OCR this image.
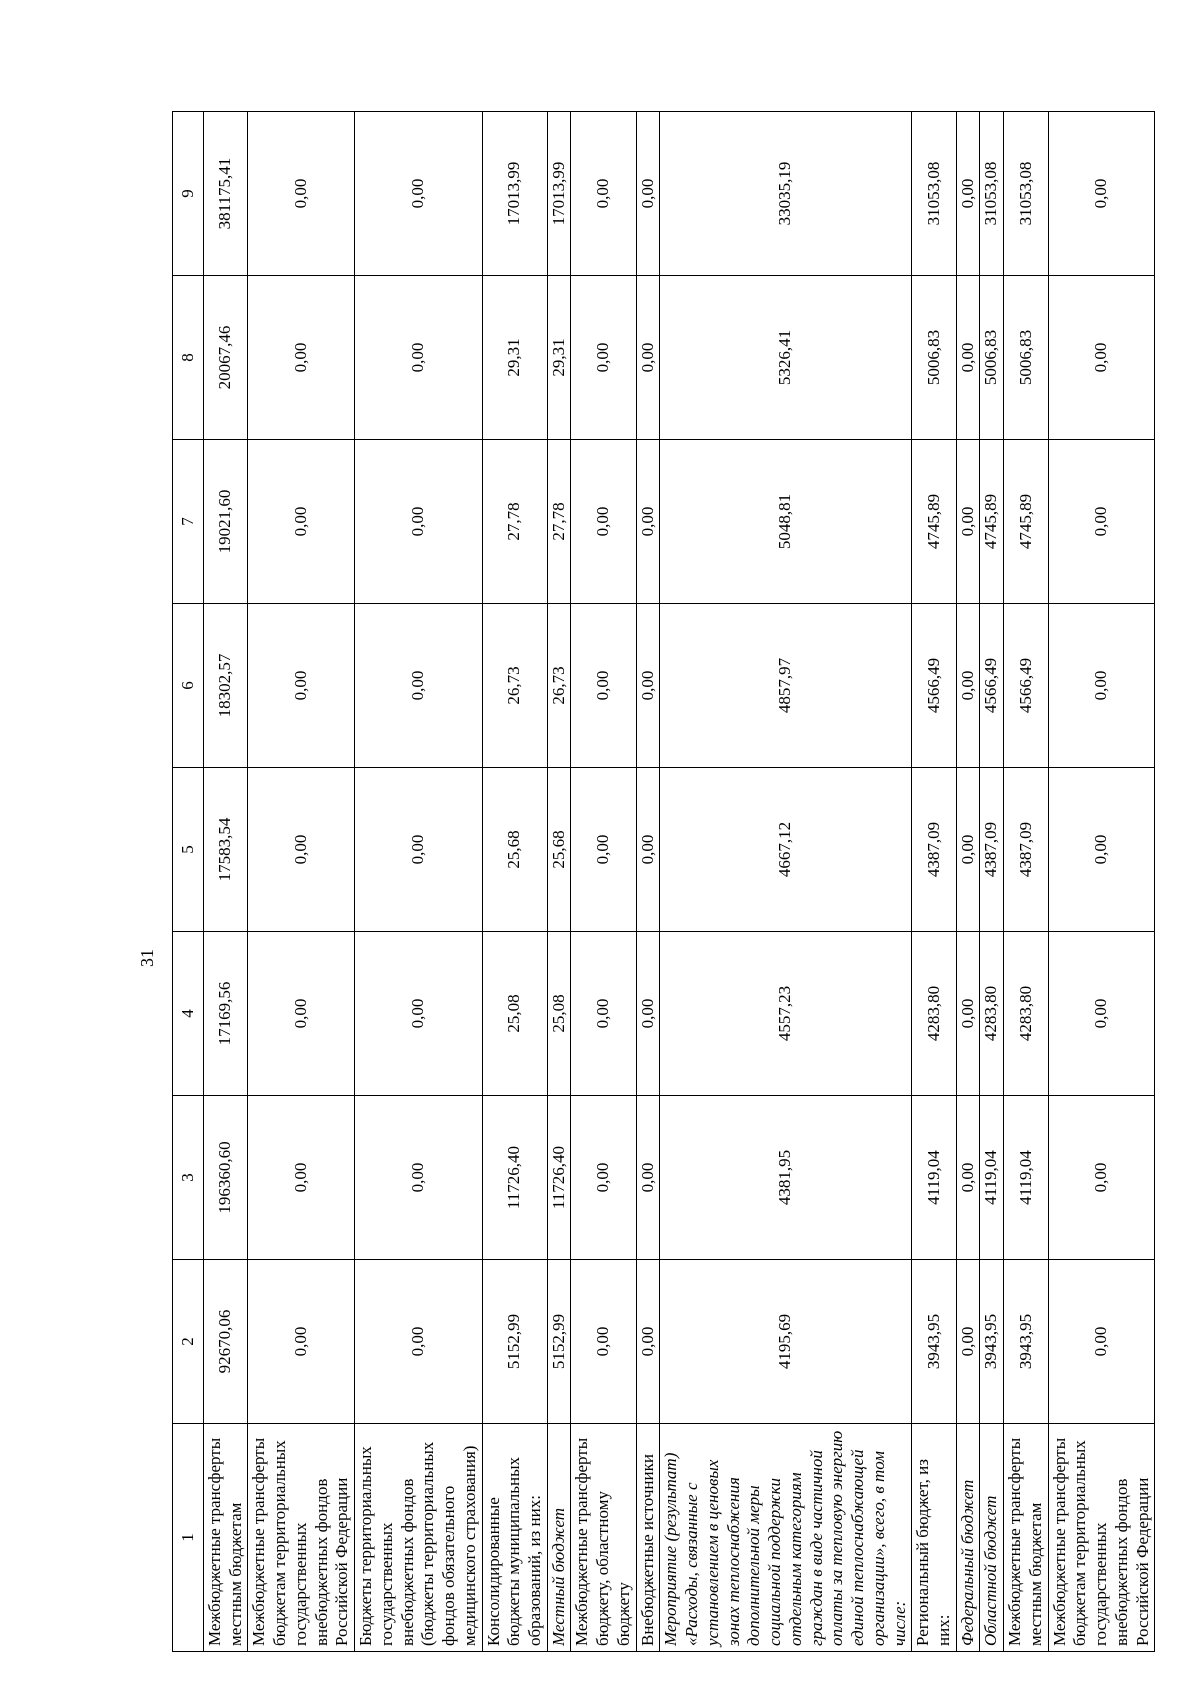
31
1	2	3	4	5	6	7	8	9
Межбюджетные трансферты местным бюджетам	92670,06	196360,60	17169,56	17583,54	18302,57	19021,60	20067,46	381175,41
Межбюджетные трансферты бюджетам территориальных государственных внебюджетных фондов Российской Федерации	0,00	0,00	0,00	0,00	0,00	0,00	0,00	0,00
Бюджеты территориальных государственных внебюджетных фондов (бюджеты территориальных фондов обязательного медицинского страхования)	0,00	0,00	0,00	0,00	0,00	0,00	0,00	0,00
Консолидированные бюджеты муниципальных образований, из них:	5152,99	11726,40	25,08	25,68	26,73	27,78	29,31	17013,99
Местный бюджет	5152,99	11726,40	25,08	25,68	26,73	27,78	29,31	17013,99
Межбюджетные трансферты бюджету, областному бюджету	0,00	0,00	0,00	0,00	0,00	0,00	0,00	0,00
Внебюджетные источники	0,00	0,00	0,00	0,00	0,00	0,00	0,00	0,00
Мероприятие (результат) «Расходы, связанные с установлением в ценовых зонах теплоснабжения дополнительной меры социальной поддержки отдельным категориям граждан в виде частичной оплаты за тепловую энергию единой теплоснабжающей организации», всего, в том числе:	4195,69	4381,95	4557,23	4667,12	4857,97	5048,81	5326,41	33035,19
Региональный бюджет, из них:	3943,95	4119,04	4283,80	4387,09	4566,49	4745,89	5006,83	31053,08
Федеральный бюджет	0,00	0,00	0,00	0,00	0,00	0,00	0,00	0,00
Областной бюджет	3943,95	4119,04	4283,80	4387,09	4566,49	4745,89	5006,83	31053,08
Межбюджетные трансферты местным бюджетам	3943,95	4119,04	4283,80	4387,09	4566,49	4745,89	5006,83	31053,08
Межбюджетные трансферты бюджетам территориальных государственных внебюджетных фондов Российской Федерации	0,00	0,00	0,00	0,00	0,00	0,00	0,00	0,00
